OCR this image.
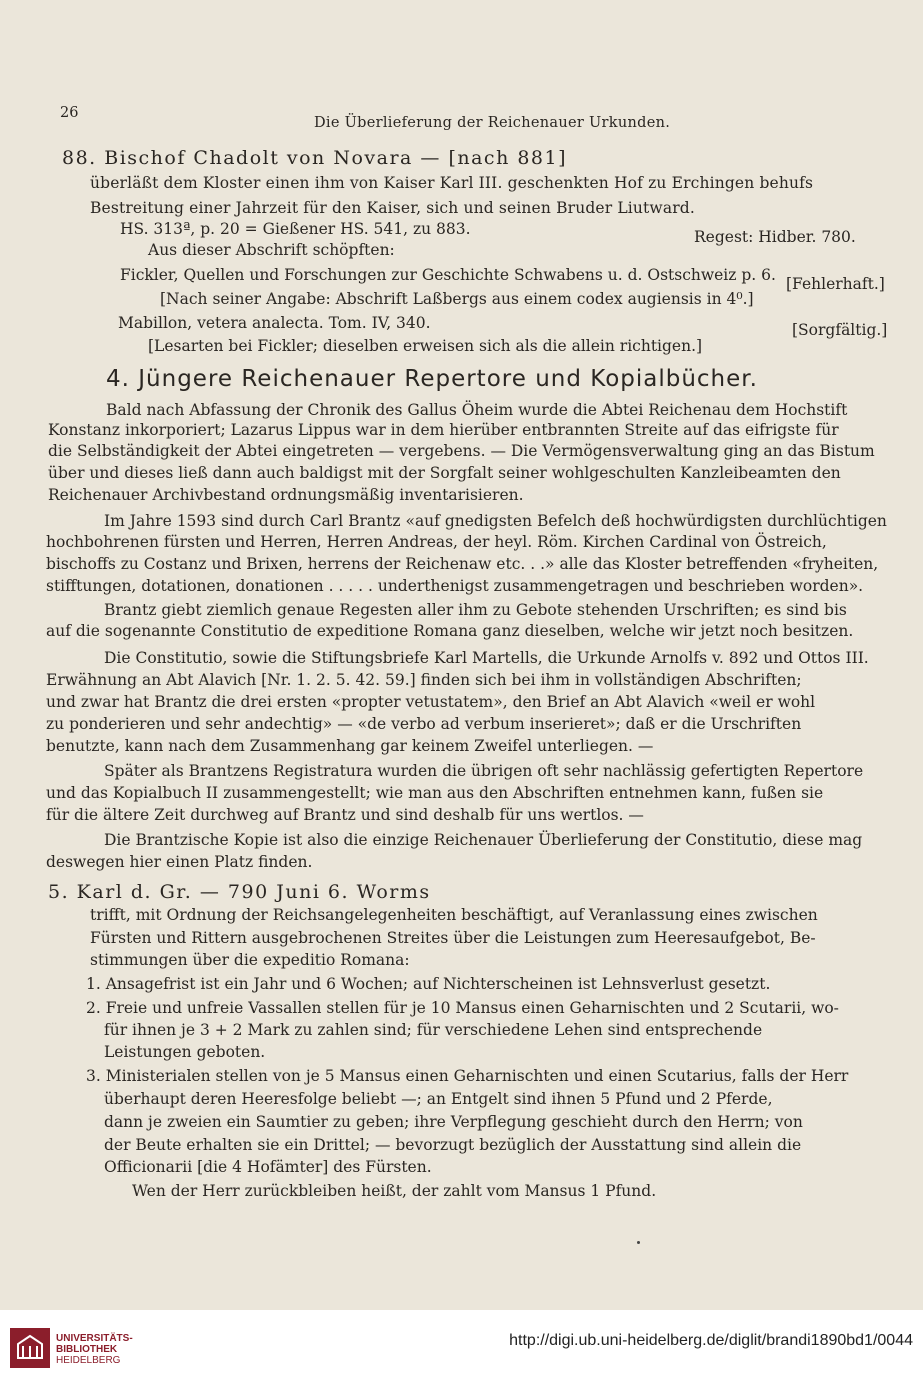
26
Die Überlieferung der Reichenauer Urkunden.
88. Bischof Chadolt von Novara — [nach 881]
überläßt dem Kloster einen ihm von Kaiser Karl III. geschenkten Hof zu Erchingen behufs
Bestreitung einer Jahrzeit für den Kaiser, sich und seinen Bruder Liutward.
HS. 313ª, p. 20 = Gießener HS. 541, zu 883.	Regest: Hidber. 780.
Aus dieser Abschrift schöpften:
Fickler, Quellen und Forschungen zur Geschichte Schwabens u. d. Ostschweiz p. 6. [Fehlerhaft.]
[Nach seiner Angabe: Abschrift Laßbergs aus einem codex augiensis in 4⁰.]
Mabillon, vetera analecta. Tom. IV, 340.	[Sorgfältig.]
[Lesarten bei Fickler; dieselben erweisen sich als die allein richtigen.]
4. Jüngere Reichenauer Repertore und Kopialbücher.
Bald nach Abfassung der Chronik des Gallus Öheim wurde die Abtei Reichenau dem Hochstift
Konstanz inkorporiert; Lazarus Lippus war in dem hierüber entbrannten Streite auf das eifrigste für
die Selbständigkeit der Abtei eingetreten — vergebens. — Die Vermögensverwaltung ging an das Bistum
über und dieses ließ dann auch baldigst mit der Sorgfalt seiner wohlgeschulten Kanzleibeamten den
Reichenauer Archivbestand ordnungsmäßig inventarisieren.
Im Jahre 1593 sind durch Carl Brantz «auf gnedigsten Befelch deß hochwürdigsten durchlüchtigen
hochbohrenen fürsten und Herren, Herren Andreas, der heyl. Röm. Kirchen Cardinal von Östreich,
bischoffs zu Costanz und Brixen, herrens der Reichenaw etc. . .» alle das Kloster betreffenden «fryheiten,
stifftungen, dotationen, donationen . . . . . underthenigst zusammengetragen und beschrieben worden».
Brantz giebt ziemlich genaue Regesten aller ihm zu Gebote stehenden Urschriften; es sind bis
auf die sogenannte Constitutio de expeditione Romana ganz dieselben, welche wir jetzt noch besitzen.
Die Constitutio, sowie die Stiftungsbriefe Karl Martells, die Urkunde Arnolfs v. 892 und Ottos III.
Erwähnung an Abt Alavich [Nr. 1. 2. 5. 42. 59.] finden sich bei ihm in vollständigen Abschriften;
und zwar hat Brantz die drei ersten «propter vetustatem», den Brief an Abt Alavich «weil er wohl
zu ponderieren und sehr andechtig» — «de verbo ad verbum inserieret»; daß er die Urschriften
benutzte, kann nach dem Zusammenhang gar keinem Zweifel unterliegen. —
Später als Brantzens Registratura wurden die übrigen oft sehr nachlässig gefertigten Repertore
und das Kopialbuch II zusammengestellt; wie man aus den Abschriften entnehmen kann, fußen sie
für die ältere Zeit durchweg auf Brantz und sind deshalb für uns wertlos. —
Die Brantzische Kopie ist also die einzige Reichenauer Überlieferung der Constitutio, diese mag
deswegen hier einen Platz finden.
5. Karl d. Gr. — 790 Juni 6. Worms
trifft, mit Ordnung der Reichsangelegenheiten beschäftigt, auf Veranlassung eines zwischen
Fürsten und Rittern ausgebrochenen Streites über die Leistungen zum Heeresaufgebot, Be-
stimmungen über die expeditio Romana:
1. Ansagefrist ist ein Jahr und 6 Wochen; auf Nichterscheinen ist Lehnsverlust gesetzt.
2. Freie und unfreie Vassallen stellen für je 10 Mansus einen Geharnischten und 2 Scutarii, wo-
für ihnen je 3 + 2 Mark zu zahlen sind; für verschiedene Lehen sind entsprechende
Leistungen geboten.
3. Ministerialen stellen von je 5 Mansus einen Geharnischten und einen Scutarius, falls der Herr
überhaupt deren Heeresfolge beliebt —; an Entgelt sind ihnen 5 Pfund und 2 Pferde,
dann je zweien ein Saumtier zu geben; ihre Verpflegung geschieht durch den Herrn; von
der Beute erhalten sie ein Drittel; — bevorzugt bezüglich der Ausstattung sind allein die
Officionarii [die 4 Hofämter] des Fürsten.
Wen der Herr zurückbleiben heißt, der zahlt vom Mansus 1 Pfund.
UNIVERSITÄTS-
BIBLIOTHEK
HEIDELBERG
http://digi.ub.uni-heidelberg.de/diglit/brandi1890bd1/0044
